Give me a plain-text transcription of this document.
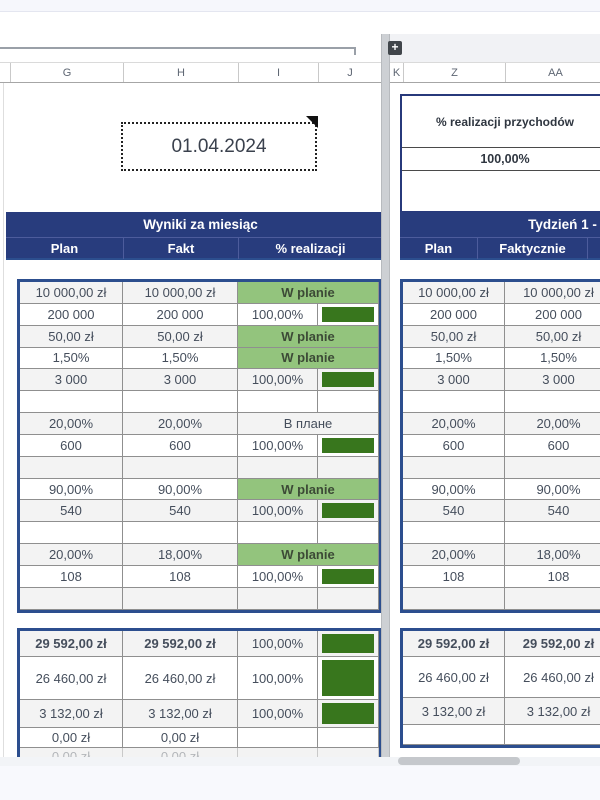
G	H	I	J
01.04.2024
Wyniki za miesiąc
Plan	Fakt	% realizacji
10 000,00 zł	10 000,00 zł	W planie
200 000	200 000	100,00%
50,00 zł	50,00 zł	W planie
1,50%	1,50%	W planie
3 000	3 000	100,00%
20,00%	20,00%	В плане
600	600	100,00%
90,00%	90,00%	W planie
540	540	100,00%
20,00%	18,00%	W planie
108	108	100,00%
29 592,00 zł	29 592,00 zł	100,00%
26 460,00 zł	26 460,00 zł	100,00%
3 132,00 zł	3 132,00 zł	100,00%
0,00 zł	0,00 zł
+
K	Z	AA
% realizacji przychodów
100,00%
Tydzień 1 -
Plan	Faktycznie
10 000,00 zł	10 000,00 zł
200 000	200 000
50,00 zł	50,00 zł
1,50%	1,50%
3 000	3 000
20,00%	20,00%
600	600
90,00%	90,00%
540	540
20,00%	18,00%
108	108
29 592,00 zł	29 592,00 zł
26 460,00 zł	26 460,00 zł
3 132,00 zł	3 132,00 zł
